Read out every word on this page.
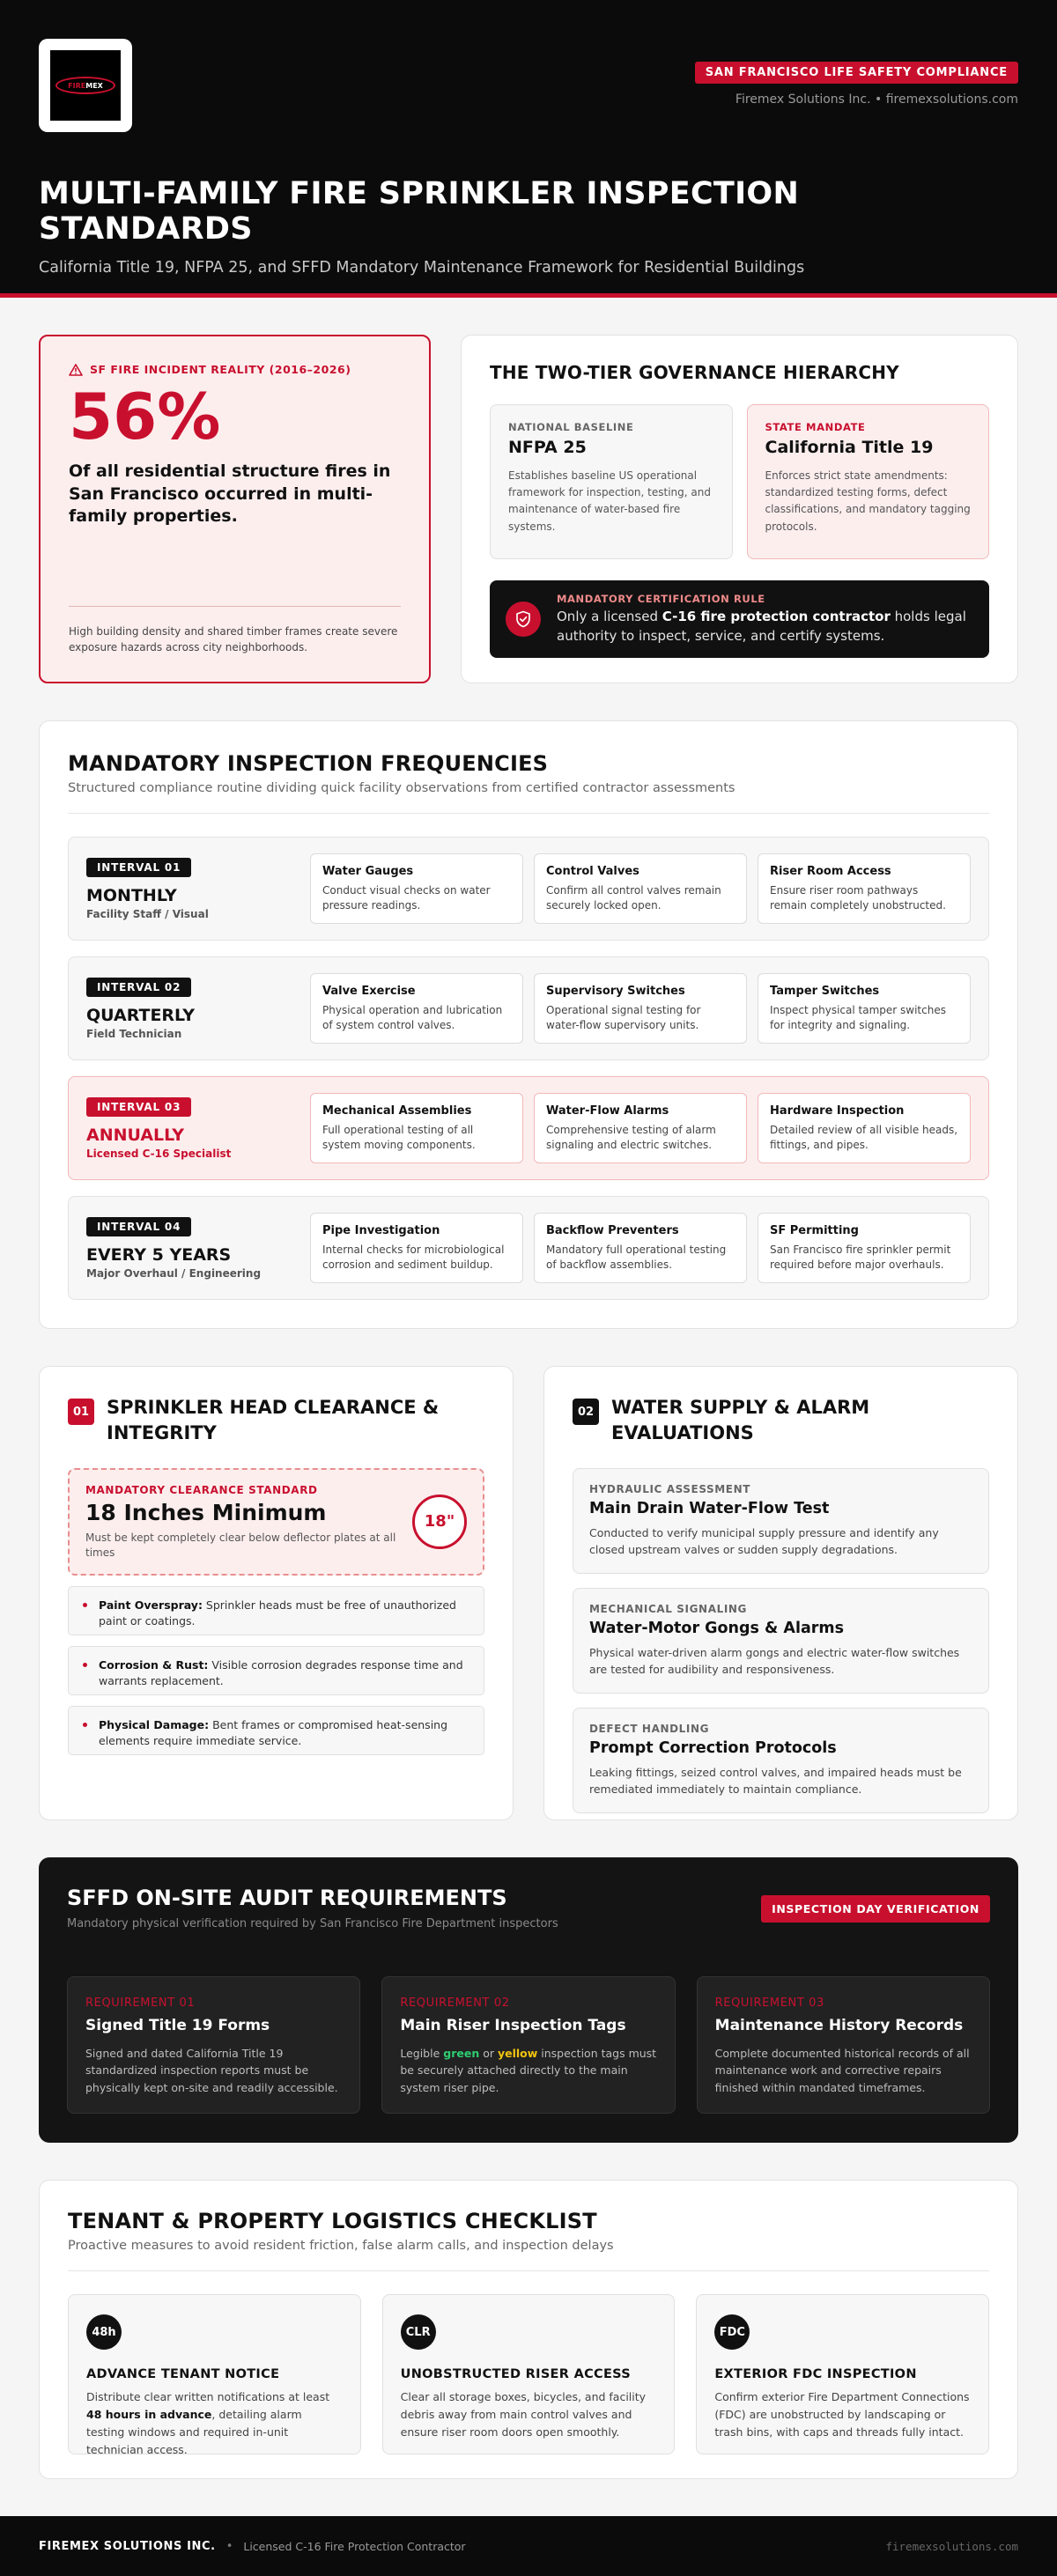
FIRE MEX
SAN FRANCISCO LIFE SAFETY COMPLIANCE
Firemex Solutions Inc. • firemexsolutions.com
MULTI-FAMILY FIRE SPRINKLER INSPECTION STANDARDS

California Title 19, NFPA 25, and SFFD Mandatory Maintenance Framework for Residential Buildings

SF FIRE INCIDENT REALITY (2016–2026)
56%

Of all residential structure fires in San Francisco occurred in multi-family properties.

High building density and shared timber frames create severe exposure hazards across city neighborhoods.

THE TWO-TIER GOVERNANCE HIERARCHY
NATIONAL BASELINE
NFPA 25

Establishes baseline US operational framework for inspection, testing, and maintenance of water-based fire systems.

STATE MANDATE
California Title 19

Enforces strict state amendments: standardized testing forms, defect classifications, and mandatory tagging protocols.

MANDATORY CERTIFICATION RULE

Only a licensed C-16 fire protection contractor holds legal authority to inspect, service, and certify systems.

MANDATORY INSPECTION FREQUENCIES

Structured compliance routine dividing quick facility observations from certified contractor assessments

INTERVAL 01
MONTHLY
Facility Staff / Visual
Water Gauges
Conduct visual checks on water pressure readings.
Control Valves
Confirm all control valves remain securely locked open.
Riser Room Access
Ensure riser room pathways remain completely unobstructed.
INTERVAL 02
QUARTERLY
Field Technician
Valve Exercise
Physical operation and lubrication of system control valves.
Supervisory Switches
Operational signal testing for water-flow supervisory units.
Tamper Switches
Inspect physical tamper switches for integrity and signaling.
INTERVAL 03
ANNUALLY
Licensed C-16 Specialist
Mechanical Assemblies
Full operational testing of all system moving components.
Water-Flow Alarms
Comprehensive testing of alarm signaling and electric switches.
Hardware Inspection
Detailed review of all visible heads, fittings, and pipes.
INTERVAL 04
EVERY 5 YEARS
Major Overhaul / Engineering
Pipe Investigation
Internal checks for microbiological corrosion and sediment buildup.
Backflow Preventers
Mandatory full operational testing of backflow assemblies.
SF Permitting
San Francisco fire sprinkler permit required before major overhauls.
01 SPRINKLER HEAD CLEARANCE & INTEGRITY
MANDATORY CLEARANCE STANDARD
18 Inches Minimum

Must be kept completely clear below deflector plates at all times

18"
Paint Overspray: Sprinkler heads must be free of unauthorized paint or coatings.
Corrosion & Rust: Visible corrosion degrades response time and warrants replacement.
Physical Damage: Bent frames or compromised heat-sensing elements require immediate service.
02 WATER SUPPLY & ALARM EVALUATIONS
HYDRAULIC ASSESSMENT
Main Drain Water-Flow Test

Conducted to verify municipal supply pressure and identify any closed upstream valves or sudden supply degradations.

MECHANICAL SIGNALING
Water-Motor Gongs & Alarms

Physical water-driven alarm gongs and electric water-flow switches are tested for audibility and responsiveness.

DEFECT HANDLING
Prompt Correction Protocols

Leaking fittings, seized control valves, and impaired heads must be remediated immediately to maintain compliance.

SFFD ON-SITE AUDIT REQUIREMENTS

Mandatory physical verification required by San Francisco Fire Department inspectors

INSPECTION DAY VERIFICATION
REQUIREMENT 01
Signed Title 19 Forms

Signed and dated California Title 19 standardized inspection reports must be physically kept on-site and readily accessible.

REQUIREMENT 02
Main Riser Inspection Tags

Legible green or yellow inspection tags must be securely attached directly to the main system riser pipe.

REQUIREMENT 03
Maintenance History Records

Complete documented historical records of all maintenance work and corrective repairs finished within mandated timeframes.

TENANT & PROPERTY LOGISTICS CHECKLIST

Proactive measures to avoid resident friction, false alarm calls, and inspection delays

48h
ADVANCE TENANT NOTICE

Distribute clear written notifications at least 48 hours in advance, detailing alarm testing windows and required in-unit technician access.

CLR
UNOBSTRUCTED RISER ACCESS

Clear all storage boxes, bicycles, and facility debris away from main control valves and ensure riser room doors open smoothly.

FDC
EXTERIOR FDC INSPECTION

Confirm exterior Fire Department Connections (FDC) are unobstructed by landscaping or trash bins, with caps and threads fully intact.

FIREMEX SOLUTIONS INC. • Licensed C-16 Fire Protection Contractor	firemexsolutions.com
